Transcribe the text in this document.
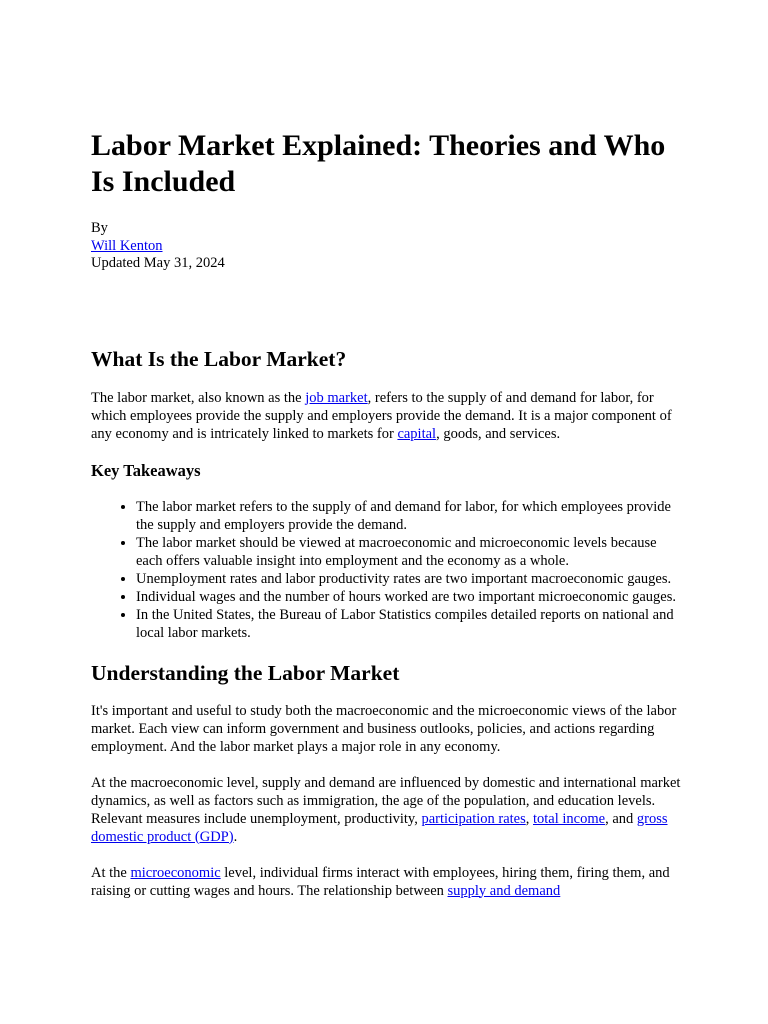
Labor Market Explained: Theories and Who Is Included
By
Will Kenton
Updated May 31, 2024
What Is the Labor Market?

The labor market, also known as the job market, refers to the supply of and demand for labor, for which employees provide the supply and employers provide the demand. It is a major component of any economy and is intricately linked to markets for capital, goods, and services.

Key Takeaways
• The labor market refers to the supply of and demand for labor, for which employees provide the supply and employers provide the demand.
• The labor market should be viewed at macroeconomic and microeconomic levels because each offers valuable insight into employment and the economy as a whole.
• Unemployment rates and labor productivity rates are two important macroeconomic gauges.
• Individual wages and the number of hours worked are two important microeconomic gauges.
• In the United States, the Bureau of Labor Statistics compiles detailed reports on national and local labor markets.
Understanding the Labor Market

It's important and useful to study both the macroeconomic and the microeconomic views of the labor market. Each view can inform government and business outlooks, policies, and actions regarding employment. And the labor market plays a major role in any economy.

At the macroeconomic level, supply and demand are influenced by domestic and international market dynamics, as well as factors such as immigration, the age of the population, and education levels. Relevant measures include unemployment, productivity, participation rates, total income, and gross domestic product (GDP).

At the microeconomic level, individual firms interact with employees, hiring them, firing them, and raising or cutting wages and hours. The relationship between supply and demand
